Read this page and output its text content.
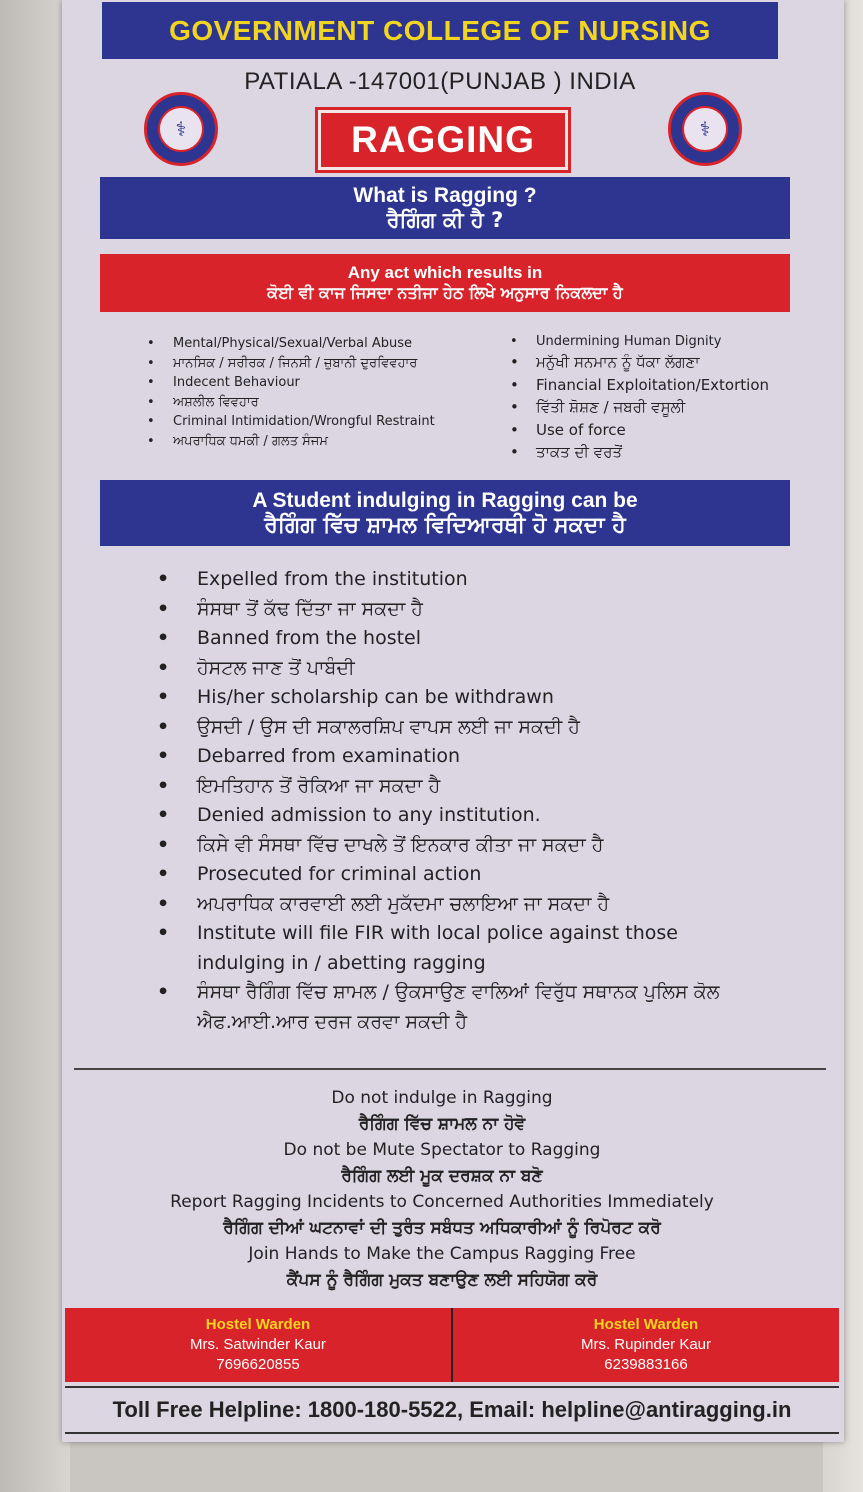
GOVERNMENT COLLEGE OF NURSING
PATIALA -147001(PUNJAB ) INDIA
⚕	⚕
RAGGING
What is Ragging ?
ਰੈਗਿੰਗ ਕੀ ਹੈ ?
Any act which results in
ਕੋਈ ਵੀ ਕਾਜ ਜਿਸਦਾ ਨਤੀਜਾ ਹੇਠ ਲਿਖੇ ਅਨੁਸਾਰ ਨਿਕਲਦਾ ਹੈ
• Mental/Physical/Sexual/Verbal Abuse
• ਮਾਨਸਿਕ / ਸਰੀਰਕ / ਜਿਨਸੀ / ਜ਼ੁਬਾਨੀ ਦੁਰਵਿਵਹਾਰ
• Indecent Behaviour
• ਅਸ਼ਲੀਲ ਵਿਵਹਾਰ
• Criminal Intimidation/Wrongful Restraint
• ਅਪਰਾਧਿਕ ਧਮਕੀ / ਗਲਤ ਸੰਜਮ
• Undermining Human Dignity
• ਮਨੁੱਖੀ ਸਨਮਾਨ ਨੂੰ ਧੱਕਾ ਲੱਗਣਾ
• Financial Exploitation/Extortion
• ਵਿੱਤੀ ਸ਼ੋਸ਼ਣ / ਜਬਰੀ ਵਸੂਲੀ
• Use of force
• ਤਾਕਤ ਦੀ ਵਰਤੋਂ
A Student indulging in Ragging can be
ਰੈਗਿੰਗ ਵਿੱਚ ਸ਼ਾਮਲ ਵਿਦਿਆਰਥੀ ਹੋ ਸਕਦਾ ਹੈ
• Expelled from the institution
• ਸੰਸਥਾ ਤੋਂ ਕੱਢ ਦਿੱਤਾ ਜਾ ਸਕਦਾ ਹੈ
• Banned from the hostel
• ਹੋਸਟਲ ਜਾਣ ਤੋਂ ਪਾਬੰਦੀ
• His/her scholarship can be withdrawn
• ਉਸਦੀ / ਉਸ ਦੀ ਸਕਾਲਰਸ਼ਿਪ ਵਾਪਸ ਲਈ ਜਾ ਸਕਦੀ ਹੈ
• Debarred from examination
• ਇਮਤਿਹਾਨ ਤੋਂ ਰੋਕਿਆ ਜਾ ਸਕਦਾ ਹੈ
• Denied admission to any institution.
• ਕਿਸੇ ਵੀ ਸੰਸਥਾ ਵਿੱਚ ਦਾਖਲੇ ਤੋਂ ਇਨਕਾਰ ਕੀਤਾ ਜਾ ਸਕਦਾ ਹੈ
• Prosecuted for criminal action
• ਅਪਰਾਧਿਕ ਕਾਰਵਾਈ ਲਈ ਮੁਕੱਦਮਾ ਚਲਾਇਆ ਜਾ ਸਕਦਾ ਹੈ
• Institute will file FIR with local police against those indulging in / abetting ragging
• ਸੰਸਥਾ ਰੈਗਿੰਗ ਵਿੱਚ ਸ਼ਾਮਲ / ਉਕਸਾਉਣ ਵਾਲਿਆਂ ਵਿਰੁੱਧ ਸਥਾਨਕ ਪੁਲਿਸ ਕੋਲ ਐਫ.ਆਈ.ਆਰ ਦਰਜ ਕਰਵਾ ਸਕਦੀ ਹੈ
Do not indulge in Ragging
ਰੈਗਿੰਗ ਵਿੱਚ ਸ਼ਾਮਲ ਨਾ ਹੋਵੋ
Do not be Mute Spectator to Ragging
ਰੈਗਿੰਗ ਲਈ ਮੂਕ ਦਰਸ਼ਕ ਨਾ ਬਣੋ
Report Ragging Incidents to Concerned Authorities Immediately
ਰੈਗਿੰਗ ਦੀਆਂ ਘਟਨਾਵਾਂ ਦੀ ਤੁਰੰਤ ਸਬੰਧਤ ਅਧਿਕਾਰੀਆਂ ਨੂੰ ਰਿਪੋਰਟ ਕਰੋ
Join Hands to Make the Campus Ragging Free
ਕੈਂਪਸ ਨੂੰ ਰੈਗਿੰਗ ਮੁਕਤ ਬਣਾਉਣ ਲਈ ਸਹਿਯੋਗ ਕਰੋ
Hostel Warden
Mrs. Satwinder Kaur
7696620855
Hostel Warden
Mrs. Rupinder Kaur
6239883166
Toll Free Helpline: 1800-180-5522, Email: helpline@antiragging.in
